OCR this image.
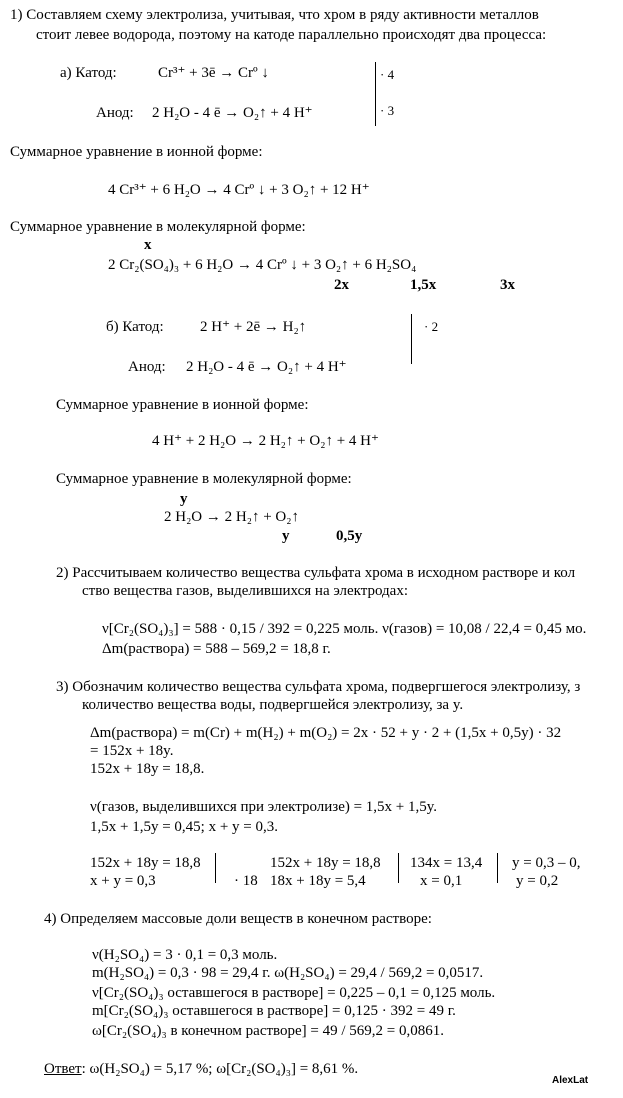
1) Составляем схему электролиза, учитывая, что хром в ряду активности металлов
стоит левее водорода, поэтому на катоде параллельно происходят два процесса:
а) Катод:	Cr³⁺ + 3ē → Crº ↓
Анод: 2 H₂O - 4 ē → O₂↑ + 4 H⁺
· 4
· 3
Суммарное уравнение в ионной форме:
4 Cr³⁺ + 6 H₂O → 4 Crº ↓ + 3 O₂↑ + 12 H⁺
Суммарное уравнение в молекулярной форме:
x
2 Cr₂(SO₄)₃ + 6 H₂O → 4 Crº ↓ + 3 O₂↑ + 6 H₂SO₄
2x	1,5x	3x
б) Катод: 2 H⁺ + 2ē → H₂↑	· 2
Анод: 2 H₂O - 4 ē → O₂↑ + 4 H⁺
Суммарное уравнение в ионной форме:
4 H⁺ + 2 H₂O → 2 H₂↑ + O₂↑ + 4 H⁺
Суммарное уравнение в молекулярной форме:
y
2 H₂O → 2 H₂↑ + O₂↑
y	0,5y
2) Рассчитываем количество вещества сульфата хрома в исходном растворе и кол
ство вещества газов, выделившихся на электродах:
ν[Cr₂(SO₄)₃] = 588 · 0,15 / 392 = 0,225 моль. ν(газов) = 10,08 / 22,4 = 0,45 мо.
Δm(раствора) = 588 – 569,2 = 18,8 г.
3) Обозначим количество вещества сульфата хрома, подвергшегося электролизу, з
количество вещества воды, подвергшейся электролизу, за y.
Δm(раствора) = m(Cr) + m(H₂) + m(O₂) = 2x · 52 + y · 2 + (1,5x + 0,5y) · 32
= 152x + 18y.
152x + 18y = 18,8.
ν(газов, выделившихся при электролизе) = 1,5x + 1,5y.
1,5x + 1,5y = 0,45; x + y = 0,3.
152x + 18y = 18,8
x + y = 0,3	· 18
152x + 18y = 18,8
18x + 18y = 5,4
134x = 13,4
x = 0,1
y = 0,3 – 0,
y = 0,2
4) Определяем массовые доли веществ в конечном растворе:
ν(H₂SO₄) = 3 · 0,1 = 0,3 моль.
m(H₂SO₄) = 0,3 · 98 = 29,4 г. ω(H₂SO₄) = 29,4 / 569,2 = 0,0517.
ν[Cr₂(SO₄)₃ оставшегося в растворе] = 0,225 – 0,1 = 0,125 моль.
m[Cr₂(SO₄)₃ оставшегося в растворе] = 0,125 · 392 = 49 г.
ω[Cr₂(SO₄)₃ в конечном растворе] = 49 / 569,2 = 0,0861.
Ответ: ω(H₂SO₄) = 5,17 %; ω[Cr₂(SO₄)₃] = 8,61 %.
AlexLat
